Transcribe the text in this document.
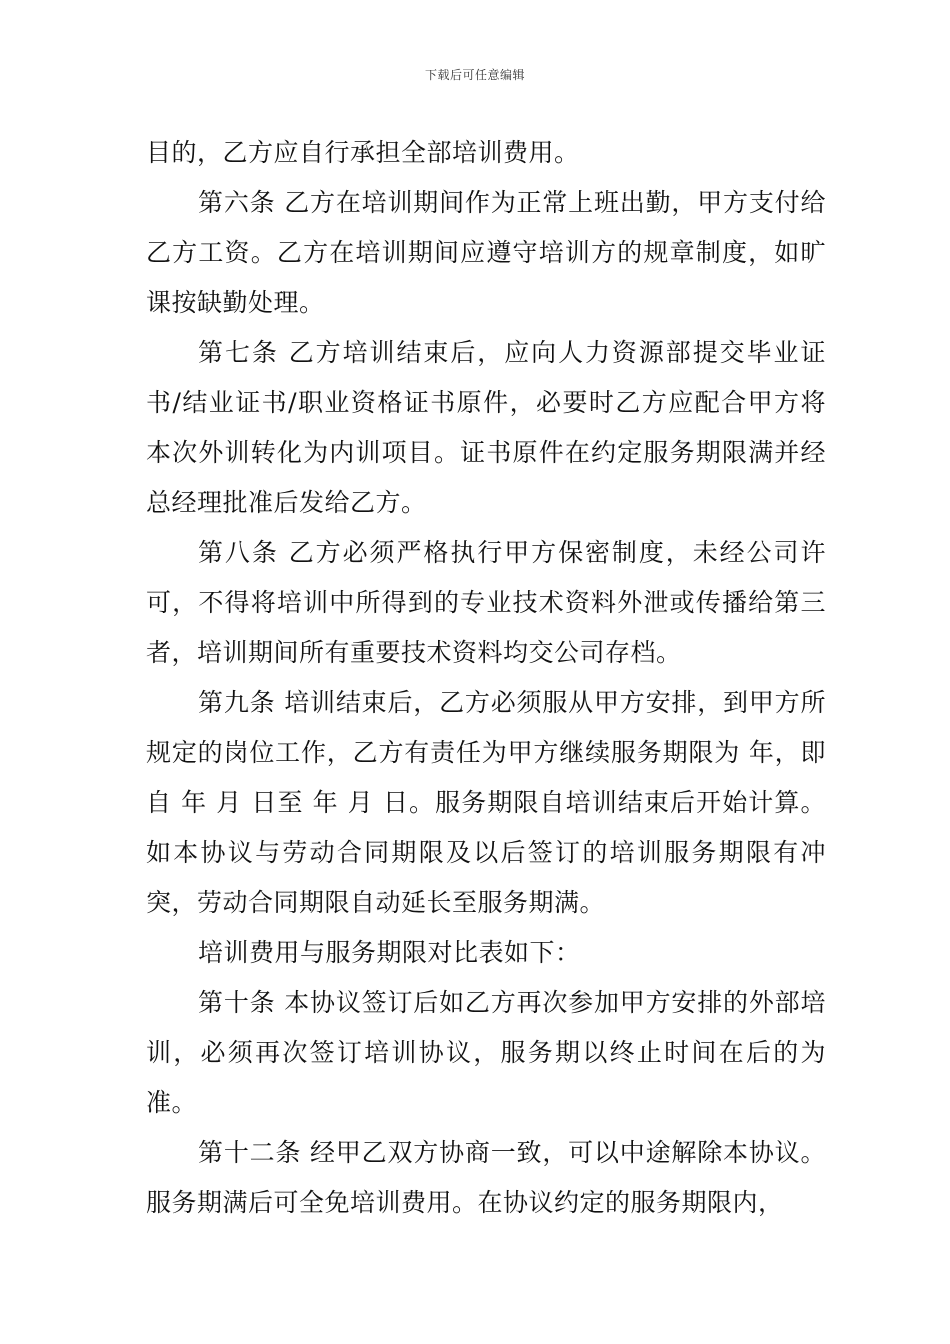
下载后可任意编辑

目的，乙方应自行承担全部培训费用。

第六条 乙方在培训期间作为正常上班出勤，甲方支付给乙方工资。乙方在培训期间应遵守培训方的规章制度，如旷课按缺勤处理。

第七条 乙方培训结束后，应向人力资源部提交毕业证书/结业证书/职业资格证书原件，必要时乙方应配合甲方将本次外训转化为内训项目。证书原件在约定服务期限满并经总经理批准后发给乙方。

第八条 乙方必须严格执行甲方保密制度，未经公司许可，不得将培训中所得到的专业技术资料外泄或传播给第三者，培训期间所有重要技术资料均交公司存档。

第九条 培训结束后，乙方必须服从甲方安排，到甲方所规定的岗位工作，乙方有责任为甲方继续服务期限为 年，即自 年 月 日至 年 月 日。服务期限自培训结束后开始计算。如本协议与劳动合同期限及以后签订的培训服务期限有冲突，劳动合同期限自动延长至服务期满。

培训费用与服务期限对比表如下：

第十条 本协议签订后如乙方再次参加甲方安排的外部培训，必须再次签订培训协议，服务期以终止时间在后的为准。

第十二条 经甲乙双方协商一致，可以中途解除本协议。服务期满后可全免培训费用。在协议约定的服务期限内，
